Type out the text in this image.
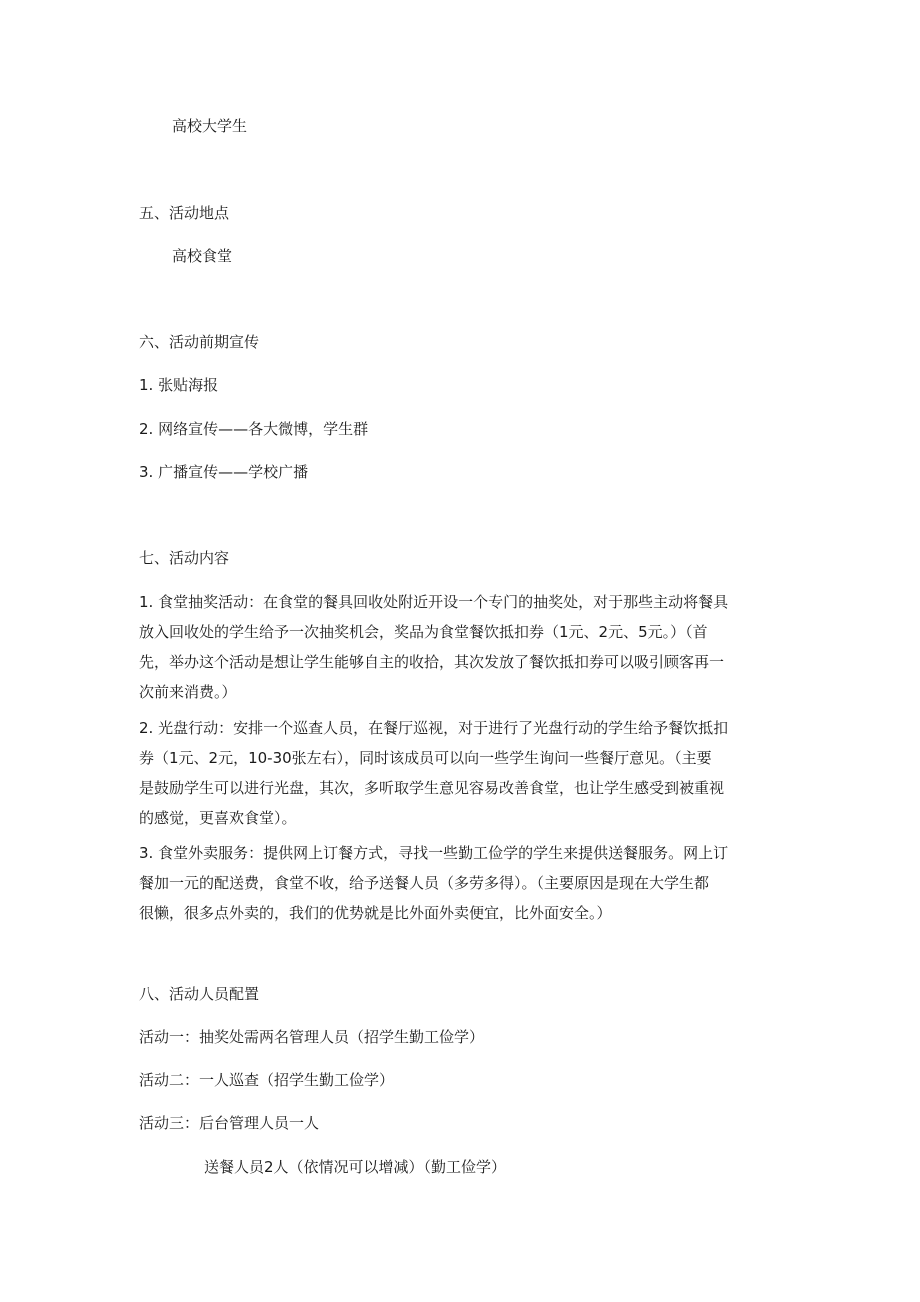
高校大学生
五、活动地点
高校食堂
六、活动前期宣传
1. 张贴海报
2. 网络宣传——各大微博，学生群
3. 广播宣传——学校广播
七、活动内容

1. 食堂抽奖活动：在食堂的餐具回收处附近开设一个专门的抽奖处，对于那些主动将餐具

放入回收处的学生给予一次抽奖机会，奖品为食堂餐饮抵扣券（1元、2元、5元。）（首

先，举办这个活动是想让学生能够自主的收拾，其次发放了餐饮抵扣券可以吸引顾客再一

次前来消费。）

2. 光盘行动：安排一个巡查人员，在餐厅巡视，对于进行了光盘行动的学生给予餐饮抵扣

券（1元、2元，10-30张左右），同时该成员可以向一些学生询问一些餐厅意见。（主要

是鼓励学生可以进行光盘，其次，多听取学生意见容易改善食堂，也让学生感受到被重视

的感觉，更喜欢食堂）。

3. 食堂外卖服务：提供网上订餐方式，寻找一些勤工俭学的学生来提供送餐服务。网上订

餐加一元的配送费，食堂不收，给予送餐人员（多劳多得）。（主要原因是现在大学生都

很懒，很多点外卖的，我们的优势就是比外面外卖便宜，比外面安全。）

八、活动人员配置
活动一：抽奖处需两名管理人员（招学生勤工俭学）
活动二：一人巡查（招学生勤工俭学）
活动三：后台管理人员一人
送餐人员2人（依情况可以增减）（勤工俭学）
